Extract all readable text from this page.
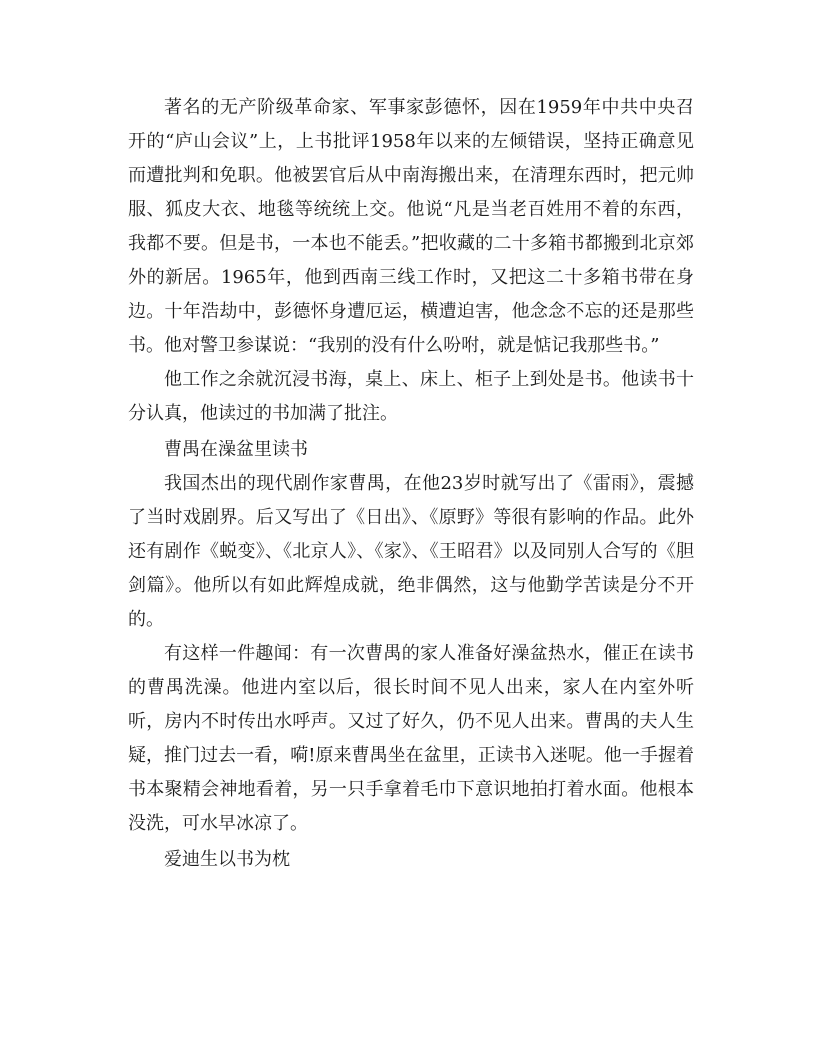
著名的无产阶级革命家、军事家彭德怀，因在1959年中共中央召开的“庐山会议”上，上书批评1958年以来的左倾错误，坚持正确意见而遭批判和免职。他被罢官后从中南海搬出来，在清理东西时，把元帅服、狐皮大衣、地毯等统统上交。他说“凡是当老百姓用不着的东西，我都不要。但是书，一本也不能丢。”把收藏的二十多箱书都搬到北京郊外的新居。1965年，他到西南三线工作时，又把这二十多箱书带在身边。十年浩劫中，彭德怀身遭厄运，横遭迫害，他念念不忘的还是那些书。他对警卫参谋说：“我别的没有什么吩咐，就是惦记我那些书。”

他工作之余就沉浸书海，桌上、床上、柜子上到处是书。他读书十分认真，他读过的书加满了批注。

曹禺在澡盆里读书

我国杰出的现代剧作家曹禺，在他23岁时就写出了《雷雨》，震撼了当时戏剧界。后又写出了《日出》、《原野》等很有影响的作品。此外还有剧作《蜕变》、《北京人》、《家》、《王昭君》以及同别人合写的《胆剑篇》。他所以有如此辉煌成就，绝非偶然，这与他勤学苦读是分不开的。

有这样一件趣闻：有一次曹禺的家人准备好澡盆热水，催正在读书的曹禺洗澡。他进内室以后，很长时间不见人出来，家人在内室外听听，房内不时传出水呼声。又过了好久，仍不见人出来。曹禺的夫人生疑，推门过去一看，嗬!原来曹禺坐在盆里，正读书入迷呢。他一手握着书本聚精会神地看着，另一只手拿着毛巾下意识地拍打着水面。他根本没洗，可水早冰凉了。

爱迪生以书为枕
